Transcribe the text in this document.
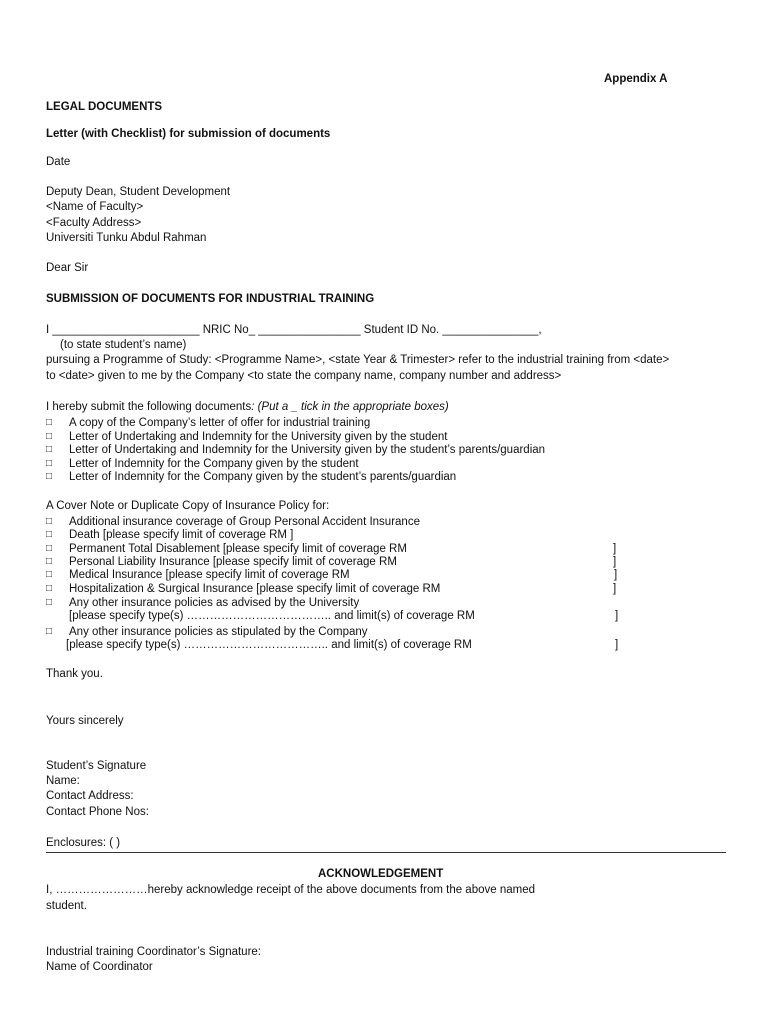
Appendix A
LEGAL DOCUMENTS
Letter (with Checklist) for submission of documents
Date
Deputy Dean, Student Development
<Name of Faculty>
<Faculty Address>
Universiti Tunku Abdul Rahman
Dear Sir
SUBMISSION OF DOCUMENTS FOR INDUSTRIAL TRAINING
I _______________________ NRIC No_ ________________ Student ID No. _______________,
(to state student’s name)
pursuing a Programme of Study: <Programme Name>, <state Year & Trimester> refer to the industrial training from <date>
to <date> given to me by the Company <to state the company name, company number and address>
I hereby submit the following documents: (Put a _ tick in the appropriate boxes)
□ A copy of the Company’s letter of offer for industrial training
□ Letter of Undertaking and Indemnity for the University given by the student
□ Letter of Undertaking and Indemnity for the University given by the student’s parents/guardian
□ Letter of Indemnity for the Company given by the student
□ Letter of Indemnity for the Company given by the student’s parents/guardian
A Cover Note or Duplicate Copy of Insurance Policy for:
□ Additional insurance coverage of Group Personal Accident Insurance
□ Death [please specify limit of coverage RM ]
□ Permanent Total Disablement [please specify limit of coverage RM	]
□ Personal Liability Insurance [please specify limit of coverage RM	]
□ Medical Insurance [please specify limit of coverage RM	]
□ Hospitalization & Surgical Insurance [please specify limit of coverage RM	]
□ Any other insurance policies as advised by the University
[please specify type(s) ……………………………….. and limit(s) of coverage RM	]
□ Any other insurance policies as stipulated by the Company
[please specify type(s) ……………………………….. and limit(s) of coverage RM	]
Thank you.
Yours sincerely
Student’s Signature
Name:
Contact Address:
Contact Phone Nos:
Enclosures: ( )
ACKNOWLEDGEMENT
I, ……………………hereby acknowledge receipt of the above documents from the above named
student.
Industrial training Coordinator’s Signature:
Name of Coordinator
